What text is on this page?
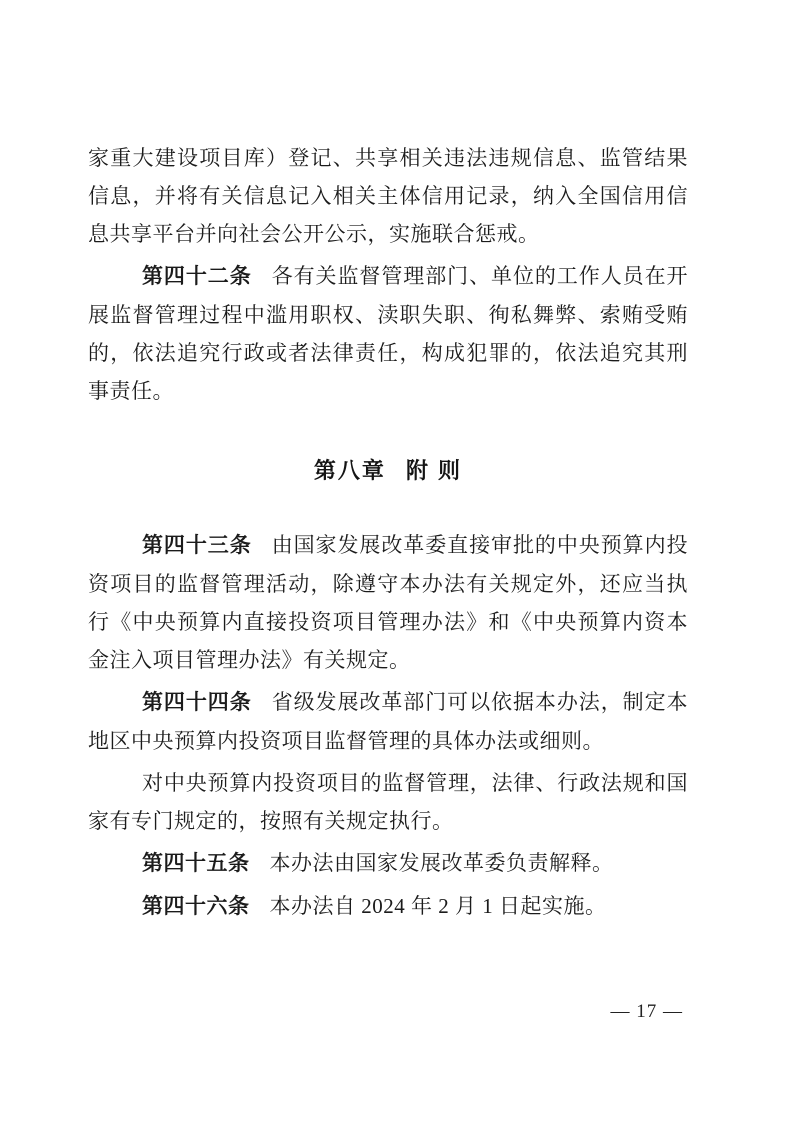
家重大建设项目库）登记、共享相关违法违规信息、监管结果信息，并将有关信息记入相关主体信用记录，纳入全国信用信息共享平台并向社会公开公示，实施联合惩戒。

第四十二条 各有关监督管理部门、单位的工作人员在开展监督管理过程中滥用职权、渎职失职、徇私舞弊、索贿受贿的，依法追究行政或者法律责任，构成犯罪的，依法追究其刑事责任。

第八章 附 则

第四十三条 由国家发展改革委直接审批的中央预算内投资项目的监督管理活动，除遵守本办法有关规定外，还应当执行《中央预算内直接投资项目管理办法》和《中央预算内资本金注入项目管理办法》有关规定。

第四十四条 省级发展改革部门可以依据本办法，制定本地区中央预算内投资项目监督管理的具体办法或细则。

对中央预算内投资项目的监督管理，法律、行政法规和国家有专门规定的，按照有关规定执行。

第四十五条 本办法由国家发展改革委负责解释。

第四十六条 本办法自 2024 年 2 月 1 日起实施。

— 17 —
